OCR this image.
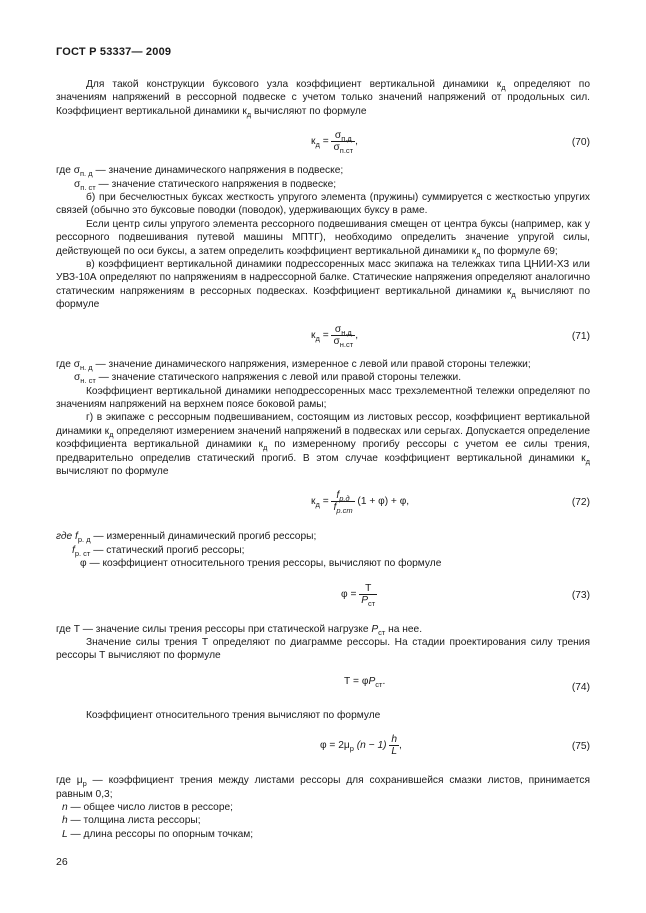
ГОСТ Р 53337— 2009

Для такой конструкции буксового узла коэффициент вертикальной динамики $к_д$ определяют по значениям напряжений в рессорной подвеске с учетом только значений напряжений от продольных сил. Коэффициент вертикальной динамики $к_д$ вычисляют по формуле

$к_д = \frac{\sigma_{п.д}}{\sigma_{п.ст}}$ ,	(70)

где $\sigma_{п. д}$ — значение динамического напряжения в подвеске;

$\sigma_{п. ст}$ — значение статического напряжения в подвеске;

б) при бесчелюстных буксах жесткость упругого элемента (пружины) суммируется с жесткостью упругих связей (обычно это буксовые поводки (поводок), удерживающих буксу в раме.

Если центр силы упругого элемента рессорного подвешивания смещен от центра буксы (например, как у рессорного подвешивания путевой машины МПТГ), необходимо определить значение упругой силы, действующей по оси буксы, а затем определить коэффициент вертикальной динамики $к_д$ по формуле 69;

в) коэффициент вертикальной динамики подрессоренных масс экипажа на тележках типа ЦНИИ-Х3 или УВЗ-10А определяют по напряжениям в надрессорной балке. Статические напряжения определяют аналогично статическим напряжениям в рессорных подвесках. Коэффициент вертикальной динамики $к_д$ вычисляют по формуле

$к_д = \frac{\sigma_{н.д}}{\sigma_{н.ст}}$ ,	(71)

где $\sigma_{н. д}$ — значение динамического напряжения, измеренное с левой или правой стороны тележки;

$\sigma_{н. ст}$ — значение статического напряжения с левой или правой стороны тележки.

Коэффициент вертикальной динамики неподрессоренных масс трехэлементной тележки определяют по значениям напряжений на верхнем поясе боковой рамы;

г) в экипаже с рессорным подвешиванием, состоящим из листовых рессор, коэффициент вертикальной динамики $к_д$ определяют измерением значений напряжений в подвесках или серьгах. Допускается определение коэффициента вертикальной динамики $к_д$ по измеренному прогибу рессоры с учетом ее силы трения, предварительно определив статический прогиб. В этом случае коэффициент вертикальной динамики $к_д$ вычисляют по формуле

$к_д = \frac{f_{р.д}}{f_{р.ст}} (1 + \varphi) + \varphi$,	(72)

где $f_{р. д}$ — измеренный динамический прогиб рессоры;

$f_{р. ст}$ — статический прогиб рессоры;

φ — коэффициент относительного трения рессоры, вычисляют по формуле

$\varphi = \frac{Т}{P_{ст}}$	(73)

где Т — значение силы трения рессоры при статической нагрузке $P_{ст}$ на нее.

Значение силы трения Т определяют по диаграмме рессоры. На стадии проектирования силу трения рессоры Т вычисляют по формуле

$Т = \varphi P_{ст}$.
(74)

Коэффициент относительного трения вычисляют по формуле

$\varphi = 2\mu_р$ $(n - 1) \frac{h}{L}$ ,	(75)

где $\mu_р$ — коэффициент трения между листами рессоры для сохранившейся смазки листов, принимается равным 0,3;

n — общее число листов в рессоре;

h — толщина листа рессоры;

L — длина рессоры по опорным точкам;

26
